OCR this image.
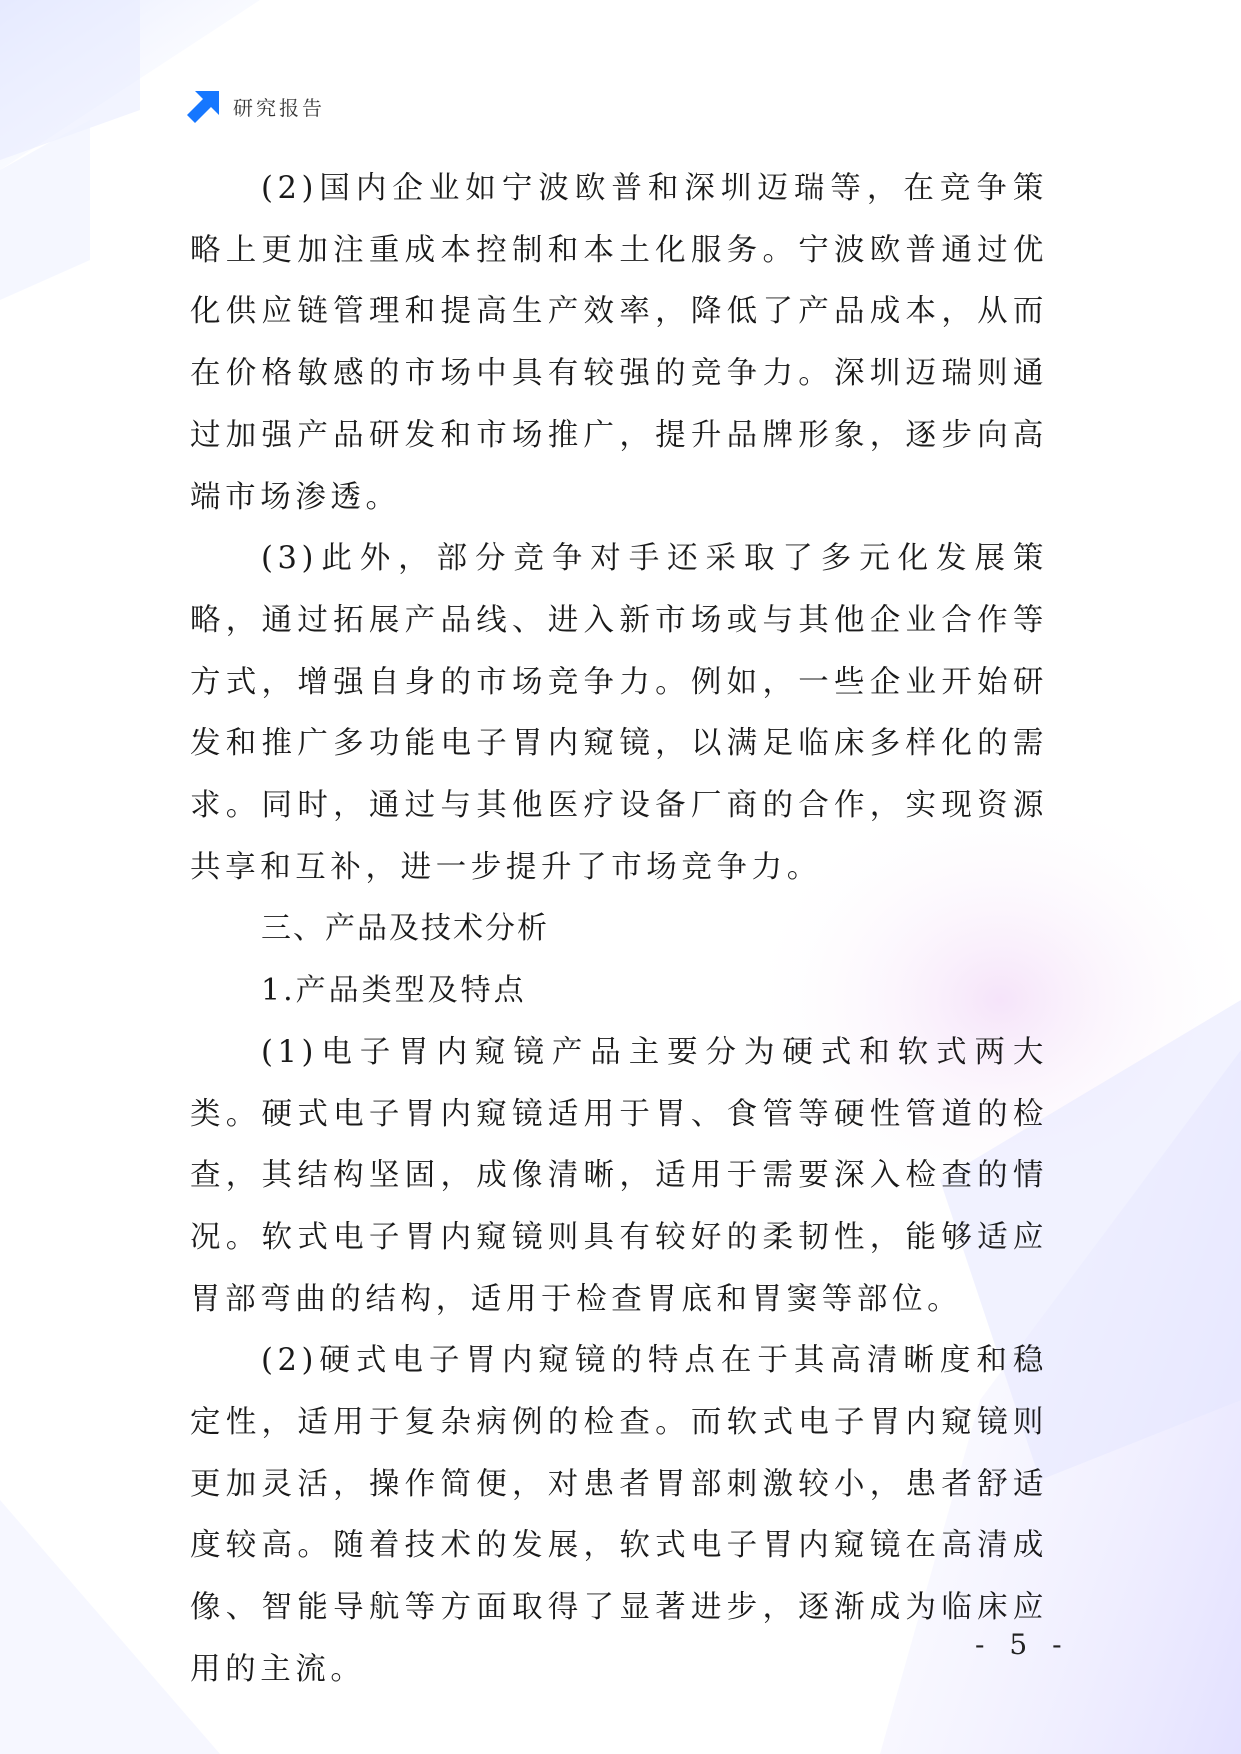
研究报告

(2)国内企业如宁波欧普和深圳迈瑞等，在竞争策略上更加注重成本控制和本土化服务。宁波欧普通过优化供应链管理和提高生产效率，降低了产品成本，从而在价格敏感的市场中具有较强的竞争力。深圳迈瑞则通过加强产品研发和市场推广，提升品牌形象，逐步向高端市场渗透。

(3)此外，部分竞争对手还采取了多元化发展策略，通过拓展产品线、进入新市场或与其他企业合作等方式，增强自身的市场竞争力。例如，一些企业开始研发和推广多功能电子胃内窥镜，以满足临床多样化的需求。同时，通过与其他医疗设备厂商的合作，实现资源共享和互补，进一步提升了市场竞争力。

三、产品及技术分析

1.产品类型及特点

(1)电子胃内窥镜产品主要分为硬式和软式两大类。硬式电子胃内窥镜适用于胃、食管等硬性管道的检查，其结构坚固，成像清晰，适用于需要深入检查的情况。软式电子胃内窥镜则具有较好的柔韧性，能够适应胃部弯曲的结构，适用于检查胃底和胃窦等部位。

(2)硬式电子胃内窥镜的特点在于其高清晰度和稳定性，适用于复杂病例的检查。而软式电子胃内窥镜则更加灵活，操作简便，对患者胃部刺激较小，患者舒适度较高。随着技术的发展，软式电子胃内窥镜在高清成像、智能导航等方面取得了显著进步，逐渐成为临床应用的主流。

- 5 -
